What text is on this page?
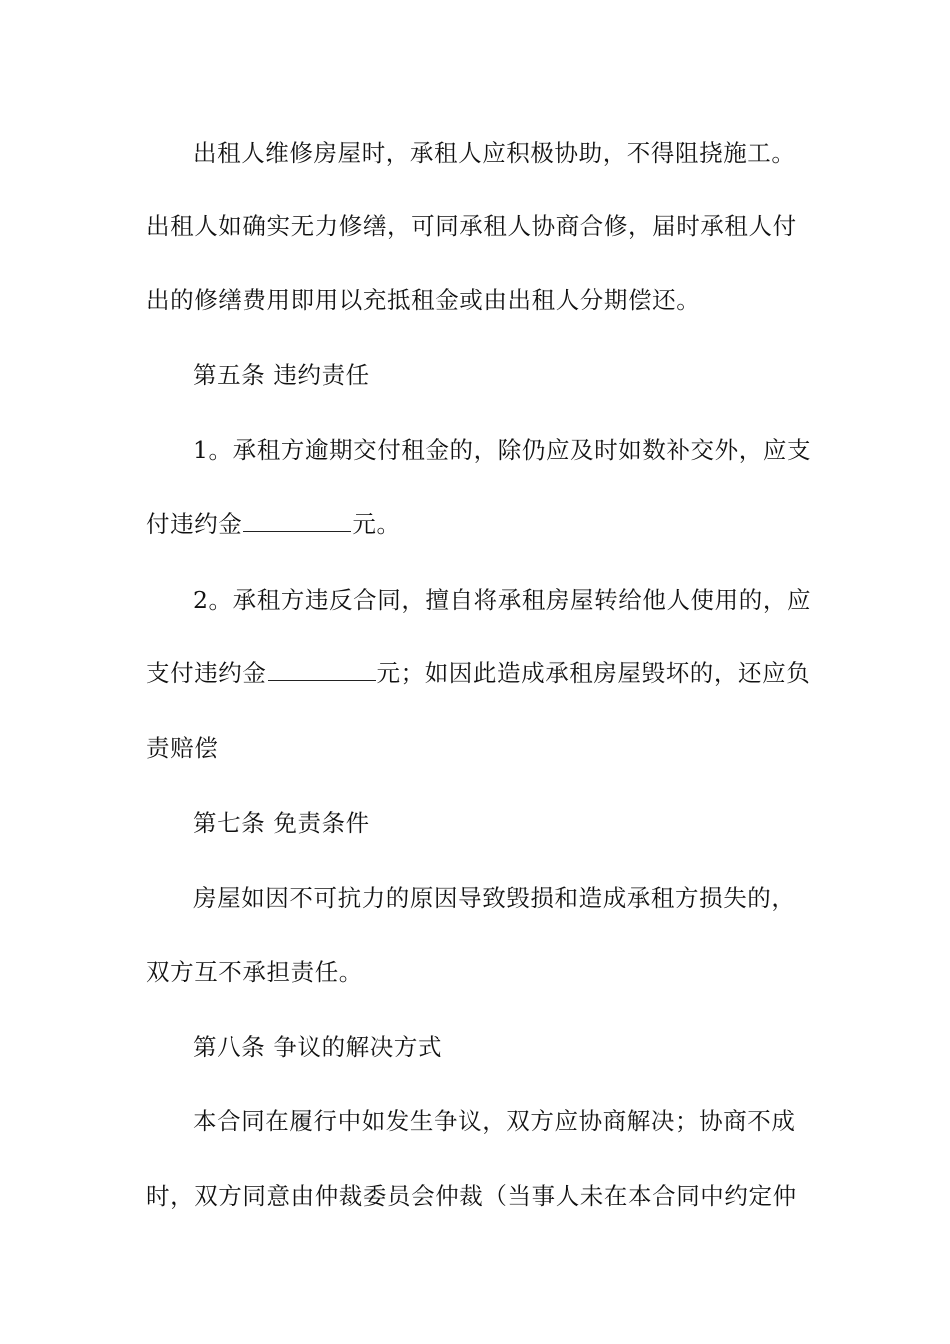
出租人维修房屋时，承租人应积极协助，不得阻挠施工。
出租人如确实无力修缮，可同承租人协商合修，届时承租人付
出的修缮费用即用以充抵租金或由出租人分期偿还。
第五条 违约责任
1。承租方逾期交付租金的，除仍应及时如数补交外，应支
付违约金	元。
2。承租方违反合同，擅自将承租房屋转给他人使用的，应
支付违约金	元；如因此造成承租房屋毁坏的，还应负
责赔偿
第七条 免责条件
房屋如因不可抗力的原因导致毁损和造成承租方损失的，
双方互不承担责任。
第八条 争议的解决方式
本合同在履行中如发生争议，双方应协商解决；协商不成
时，双方同意由仲裁委员会仲裁（当事人未在本合同中约定仲
